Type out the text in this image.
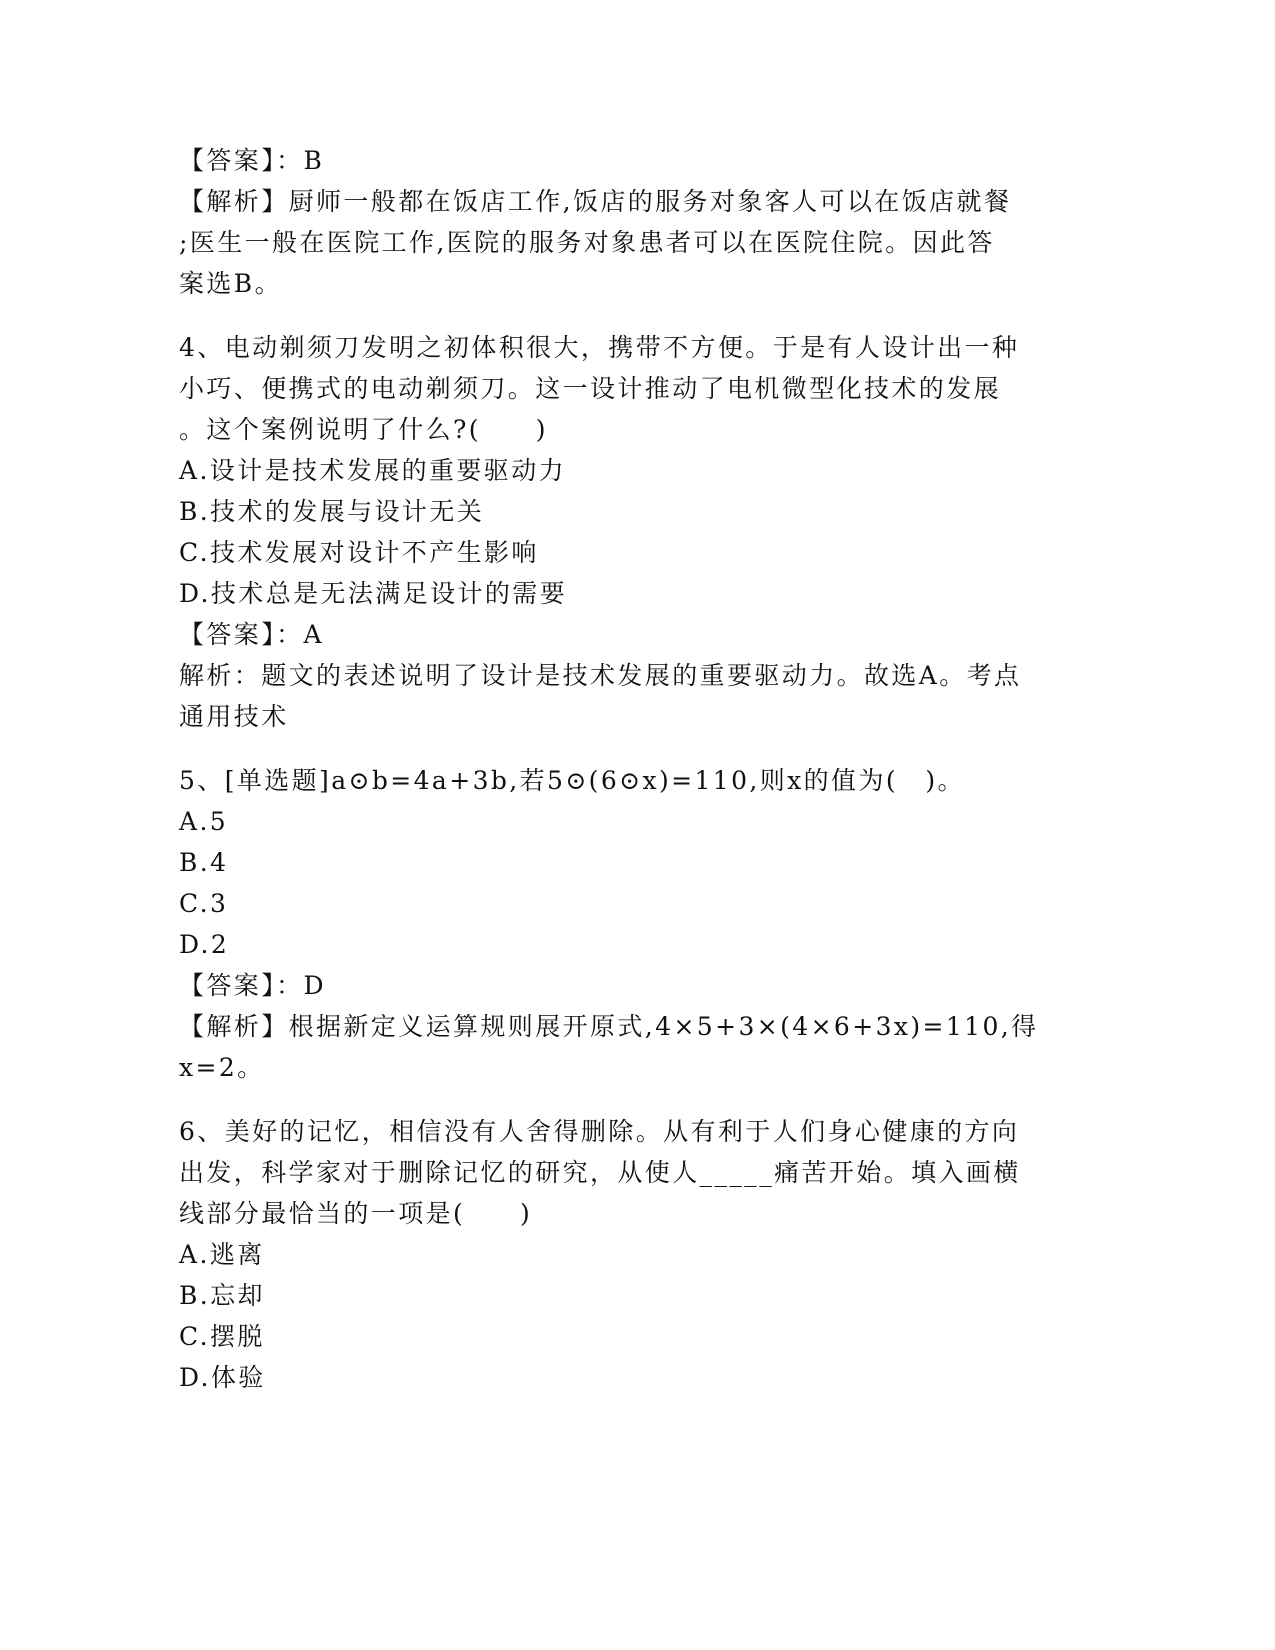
【答案】：B
【解析】厨师一般都在饭店工作,饭店的服务对象客人可以在饭店就餐
;医生一般在医院工作,医院的服务对象患者可以在医院住院。因此答
案选B。
4、电动剃须刀发明之初体积很大，携带不方便。于是有人设计出一种
小巧、便携式的电动剃须刀。这一设计推动了电机微型化技术的发展
。这个案例说明了什么?(　　)
A.设计是技术发展的重要驱动力
B.技术的发展与设计无关
C.技术发展对设计不产生影响
D.技术总是无法满足设计的需要
【答案】：A
解析：题文的表述说明了设计是技术发展的重要驱动力。故选A。考点
通用技术
5、[单选题]a⊙b=4a+3b,若5⊙(6⊙x)=110,则x的值为(　)。
A.5
B.4
C.3
D.2
【答案】：D
【解析】根据新定义运算规则展开原式,4×5+3×(4×6+3x)=110,得
x=2。
6、美好的记忆，相信没有人舍得删除。从有利于人们身心健康的方向
出发，科学家对于删除记忆的研究，从使人_____痛苦开始。填入画横
线部分最恰当的一项是(　　)
A.逃离
B.忘却
C.摆脱
D.体验
